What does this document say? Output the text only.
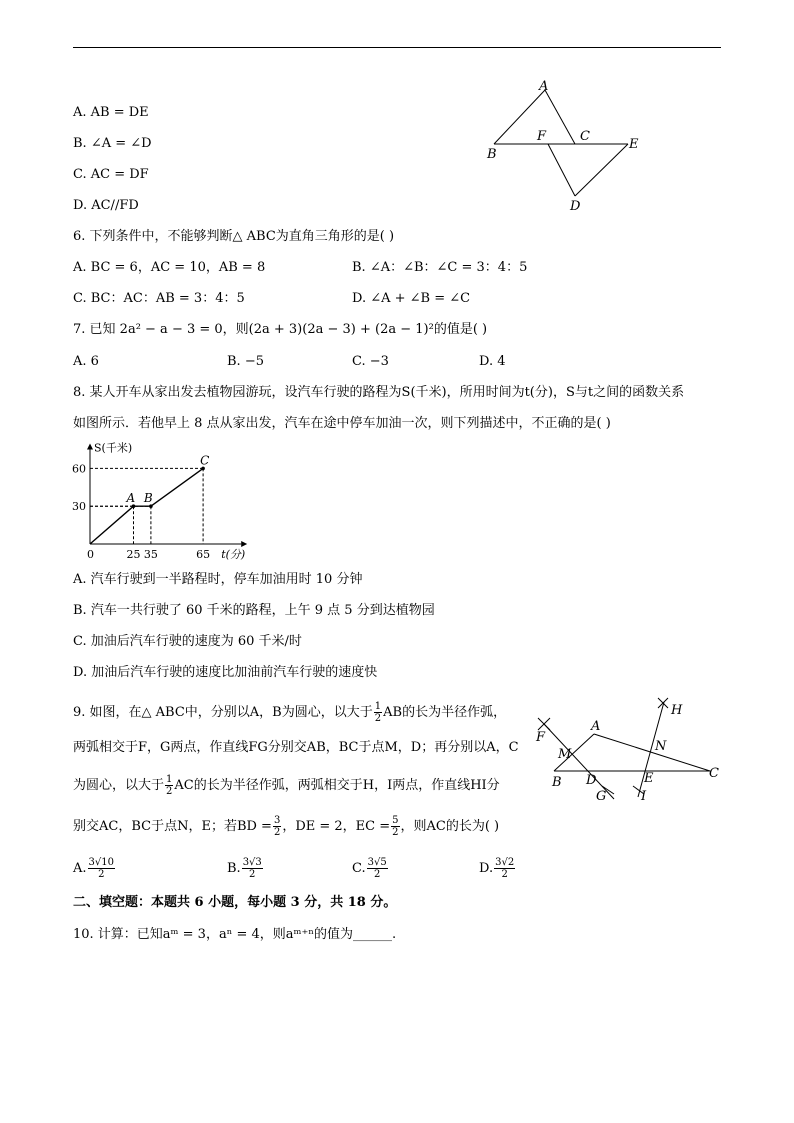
A. AB = DE
B. ∠A = ∠D
C. AC = DF
D. AC//FD
A
B
F	C
E
D
6. 下列条件中，不能够判断△ ABC为直角三角形的是( )
A. BC = 6，AC = 10，AB = 8	B. ∠A：∠B：∠C = 3：4：5
C. BC：AC：AB = 3：4：5	D. ∠A + ∠B = ∠C
7. 已知 2a² − a − 3 = 0，则(2a + 3)(2a − 3) + (2a − 1)²的值是( )
A. 6	B. −5	C. −3	D. 4
8. 某人开车从家出发去植物园游玩，设汽车行驶的路程为S(千米)，所用时间为t(分)，S与t之间的函数关系
如图所示．若他早上 8 点从家出发，汽车在途中停车加油一次，则下列描述中，不正确的是( )
S(千米)
t(分)
A B
C
0	25 35	65
30
60
A. 汽车行驶到一半路程时，停车加油用时 10 分钟
B. 汽车一共行驶了 60 千米的路程，上午 9 点 5 分到达植物园
C. 加油后汽车行驶的速度为 60 千米/时
D. 加油后汽车行驶的速度比加油前汽车行驶的速度快
9. 如图，在△ ABC中，分别以A，B为圆心，以大于 $\frac{1}{2}$ AB的长为半径作弧，
两弧相交于F，G两点，作直线FG分别交AB，BC于点M，D；再分别以A，C
为圆心，以大于 $\frac{1}{2}$ AC的长为半径作弧，两弧相交于H，I两点，作直线HI分
别交AC，BC于点N，E；若BD = $\frac{3}{2}$ ，DE = 2，EC = $\frac{5}{2}$ ，则AC的长为( )
A. $\frac{3√10}{2}$	B. $\frac{3√3}{2}$	C. $\frac{3√5}{2}$	D. $\frac{3√2}{2}$
H
F
A
N
M
B D	E	C
G	I
二、填空题：本题共 6 小题，每小题 3 分，共 18 分。
10. 计算：已知aᵐ = 3，aⁿ = 4，则aᵐ⁺ⁿ的值为______.
